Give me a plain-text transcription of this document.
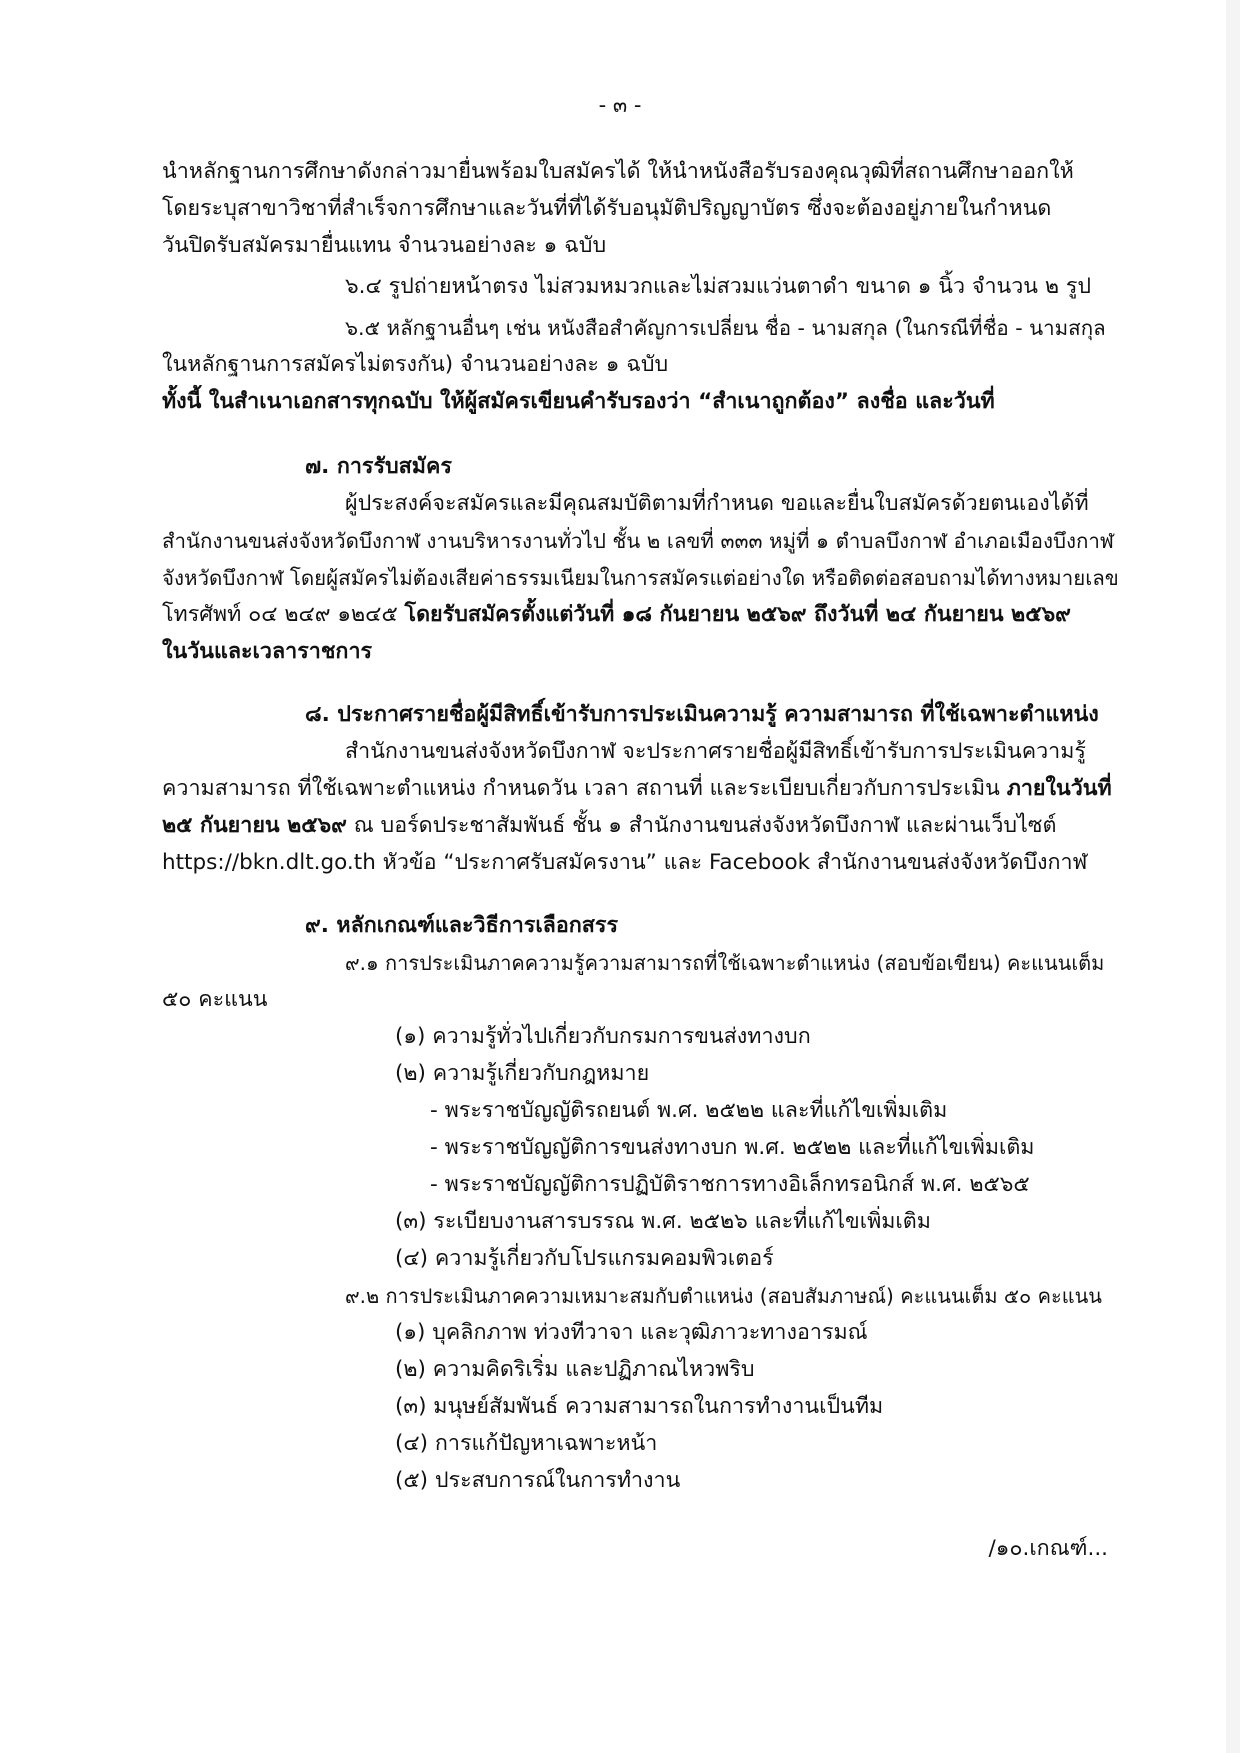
- ๓ -
นำหลักฐานการศึกษาดังกล่าวมายื่นพร้อมใบสมัครได้ ให้นำหนังสือรับรองคุณวุฒิที่สถานศึกษาออกให้
โดยระบุสาขาวิชาที่สำเร็จการศึกษาและวันที่ที่ได้รับอนุมัติปริญญาบัตร ซึ่งจะต้องอยู่ภายในกำหนด
วันปิดรับสมัครมายื่นแทน จำนวนอย่างละ ๑ ฉบับ
๖.๔ รูปถ่ายหน้าตรง ไม่สวมหมวกและไม่สวมแว่นตาดำ ขนาด ๑ นิ้ว จำนวน ๒ รูป
๖.๕ หลักฐานอื่นๆ เช่น หนังสือสำคัญการเปลี่ยน ชื่อ - นามสกุล (ในกรณีที่ชื่อ - นามสกุล
ในหลักฐานการสมัครไม่ตรงกัน) จำนวนอย่างละ ๑ ฉบับ
ทั้งนี้ ในสำเนาเอกสารทุกฉบับ ให้ผู้สมัครเขียนคำรับรองว่า “สำเนาถูกต้อง” ลงชื่อ และวันที่
๗. การรับสมัคร
ผู้ประสงค์จะสมัครและมีคุณสมบัติตามที่กำหนด ขอและยื่นใบสมัครด้วยตนเองได้ที่
สำนักงานขนส่งจังหวัดบึงกาฬ งานบริหารงานทั่วไป ชั้น ๒ เลขที่ ๓๓๓ หมู่ที่ ๑ ตำบลบึงกาฬ อำเภอเมืองบึงกาฬ
จังหวัดบึงกาฬ โดยผู้สมัครไม่ต้องเสียค่าธรรมเนียมในการสมัครแต่อย่างใด หรือติดต่อสอบถามได้ทางหมายเลข
โทรศัพท์ ๐๔ ๒๔๙ ๑๒๔๕ โดยรับสมัครตั้งแต่วันที่ ๑๘ กันยายน ๒๕๖๙ ถึงวันที่ ๒๔ กันยายน ๒๕๖๙
ในวันและเวลาราชการ
๘. ประกาศรายชื่อผู้มีสิทธิ์เข้ารับการประเมินความรู้ ความสามารถ ที่ใช้เฉพาะตำแหน่ง
สำนักงานขนส่งจังหวัดบึงกาฬ จะประกาศรายชื่อผู้มีสิทธิ์เข้ารับการประเมินความรู้
ความสามารถ ที่ใช้เฉพาะตำแหน่ง กำหนดวัน เวลา สถานที่ และระเบียบเกี่ยวกับการประเมิน ภายในวันที่
๒๕ กันยายน ๒๕๖๙ ณ บอร์ดประชาสัมพันธ์ ชั้น ๑ สำนักงานขนส่งจังหวัดบึงกาฬ และผ่านเว็บไซต์
https://bkn.dlt.go.th หัวข้อ “ประกาศรับสมัครงาน” และ Facebook สำนักงานขนส่งจังหวัดบึงกาฬ
๙. หลักเกณฑ์และวิธีการเลือกสรร
๙.๑ การประเมินภาคความรู้ความสามารถที่ใช้เฉพาะตำแหน่ง (สอบข้อเขียน) คะแนนเต็ม
๕๐ คะแนน
(๑) ความรู้ทั่วไปเกี่ยวกับกรมการขนส่งทางบก
(๒) ความรู้เกี่ยวกับกฎหมาย
- พระราชบัญญัติรถยนต์ พ.ศ. ๒๕๒๒ และที่แก้ไขเพิ่มเติม
- พระราชบัญญัติการขนส่งทางบก พ.ศ. ๒๕๒๒ และที่แก้ไขเพิ่มเติม
- พระราชบัญญัติการปฏิบัติราชการทางอิเล็กทรอนิกส์ พ.ศ. ๒๕๖๕
(๓) ระเบียบงานสารบรรณ พ.ศ. ๒๕๒๖ และที่แก้ไขเพิ่มเติม
(๔) ความรู้เกี่ยวกับโปรแกรมคอมพิวเตอร์
๙.๒ การประเมินภาคความเหมาะสมกับตำแหน่ง (สอบสัมภาษณ์) คะแนนเต็ม ๕๐ คะแนน
(๑) บุคลิกภาพ ท่วงทีวาจา และวุฒิภาวะทางอารมณ์
(๒) ความคิดริเริ่ม และปฏิภาณไหวพริบ
(๓) มนุษย์สัมพันธ์ ความสามารถในการทำงานเป็นทีม
(๔) การแก้ปัญหาเฉพาะหน้า
(๕) ประสบการณ์ในการทำงาน
/๑๐.เกณฑ์...
